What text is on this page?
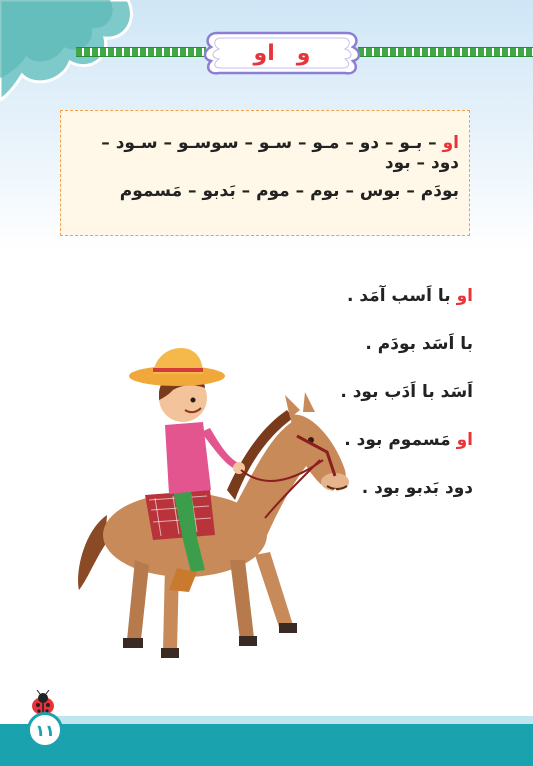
و
او
او – بـو – دو – مـو – سـو – سوسـو – سـود – دود – بود
بودَم – بوس – بوم – موم – بَدبو – مَسموم
او با اَسب آمَد .
با اَسَد بودَم .
اَسَد با اَدَب بود .
او مَسموم بود .
دود بَدبو بود .
۱۱
